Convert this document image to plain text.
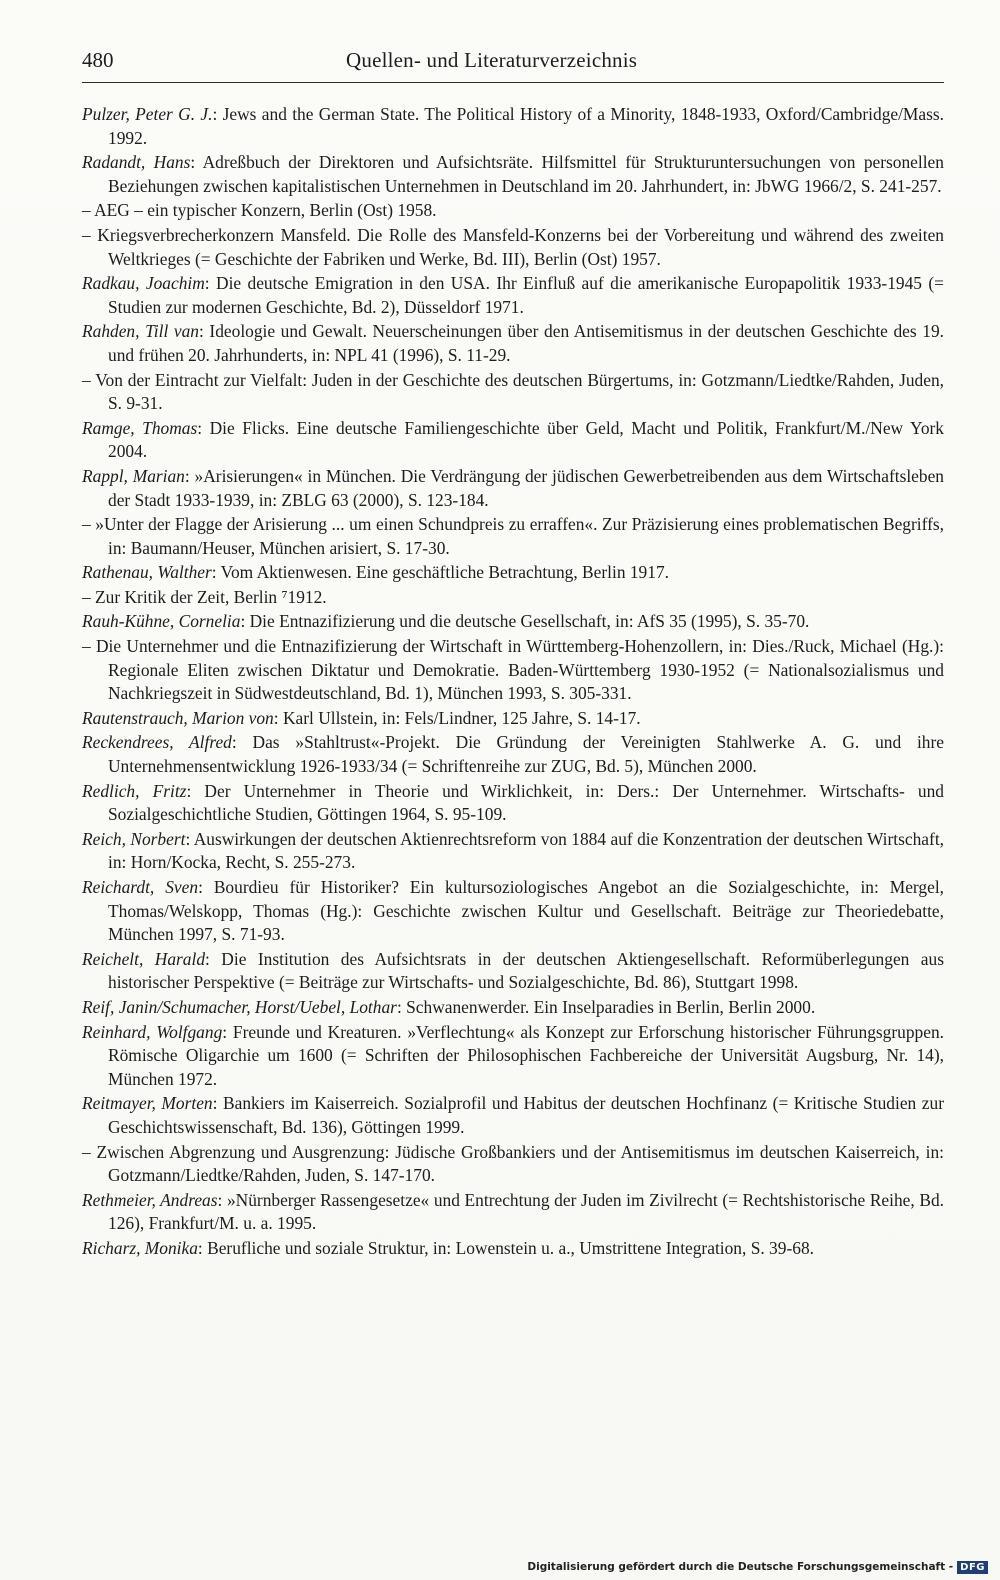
480	Quellen- und Literaturverzeichnis

Pulzer, Peter G. J.: Jews and the German State. The Political History of a Minority, 1848-1933, Oxford/Cambridge/Mass. 1992.

Radandt, Hans: Adreßbuch der Direktoren und Aufsichtsräte. Hilfsmittel für Strukturuntersuchungen von personellen Beziehungen zwischen kapitalistischen Unternehmen in Deutschland im 20. Jahrhundert, in: JbWG 1966/2, S. 241-257.

– AEG – ein typischer Konzern, Berlin (Ost) 1958.

– Kriegsverbrecherkonzern Mansfeld. Die Rolle des Mansfeld-Konzerns bei der Vorbereitung und während des zweiten Weltkrieges (= Geschichte der Fabriken und Werke, Bd. III), Berlin (Ost) 1957.

Radkau, Joachim: Die deutsche Emigration in den USA. Ihr Einfluß auf die amerikanische Europapolitik 1933-1945 (= Studien zur modernen Geschichte, Bd. 2), Düsseldorf 1971.

Rahden, Till van: Ideologie und Gewalt. Neuerscheinungen über den Antisemitismus in der deutschen Geschichte des 19. und frühen 20. Jahrhunderts, in: NPL 41 (1996), S. 11-29.

– Von der Eintracht zur Vielfalt: Juden in der Geschichte des deutschen Bürgertums, in: Gotzmann/Liedtke/Rahden, Juden, S. 9-31.

Ramge, Thomas: Die Flicks. Eine deutsche Familiengeschichte über Geld, Macht und Politik, Frankfurt/M./New York 2004.

Rappl, Marian: »Arisierungen« in München. Die Verdrängung der jüdischen Gewerbetreibenden aus dem Wirtschaftsleben der Stadt 1933-1939, in: ZBLG 63 (2000), S. 123-184.

– »Unter der Flagge der Arisierung ... um einen Schundpreis zu erraffen«. Zur Präzisierung eines problematischen Begriffs, in: Baumann/Heuser, München arisiert, S. 17-30.

Rathenau, Walther: Vom Aktienwesen. Eine geschäftliche Betrachtung, Berlin 1917.

– Zur Kritik der Zeit, Berlin ⁷1912.

Rauh-Kühne, Cornelia: Die Entnazifizierung und die deutsche Gesellschaft, in: AfS 35 (1995), S. 35-70.

– Die Unternehmer und die Entnazifizierung der Wirtschaft in Württemberg-Hohenzollern, in: Dies./Ruck, Michael (Hg.): Regionale Eliten zwischen Diktatur und Demokratie. Baden-Württemberg 1930-1952 (= Nationalsozialismus und Nachkriegszeit in Südwestdeutschland, Bd. 1), München 1993, S. 305-331.

Rautenstrauch, Marion von: Karl Ullstein, in: Fels/Lindner, 125 Jahre, S. 14-17.

Reckendrees, Alfred: Das »Stahltrust«-Projekt. Die Gründung der Vereinigten Stahlwerke A. G. und ihre Unternehmensentwicklung 1926-1933/34 (= Schriftenreihe zur ZUG, Bd. 5), München 2000.

Redlich, Fritz: Der Unternehmer in Theorie und Wirklichkeit, in: Ders.: Der Unternehmer. Wirtschafts- und Sozialgeschichtliche Studien, Göttingen 1964, S. 95-109.

Reich, Norbert: Auswirkungen der deutschen Aktienrechtsreform von 1884 auf die Konzentration der deutschen Wirtschaft, in: Horn/Kocka, Recht, S. 255-273.

Reichardt, Sven: Bourdieu für Historiker? Ein kultursoziologisches Angebot an die Sozialgeschichte, in: Mergel, Thomas/Welskopp, Thomas (Hg.): Geschichte zwischen Kultur und Gesellschaft. Beiträge zur Theoriedebatte, München 1997, S. 71-93.

Reichelt, Harald: Die Institution des Aufsichtsrats in der deutschen Aktiengesellschaft. Reformüberlegungen aus historischer Perspektive (= Beiträge zur Wirtschafts- und Sozialgeschichte, Bd. 86), Stuttgart 1998.

Reif, Janin/Schumacher, Horst/Uebel, Lothar: Schwanenwerder. Ein Inselparadies in Berlin, Berlin 2000.

Reinhard, Wolfgang: Freunde und Kreaturen. »Verflechtung« als Konzept zur Erforschung historischer Führungsgruppen. Römische Oligarchie um 1600 (= Schriften der Philosophischen Fachbereiche der Universität Augsburg, Nr. 14), München 1972.

Reitmayer, Morten: Bankiers im Kaiserreich. Sozialprofil und Habitus der deutschen Hochfinanz (= Kritische Studien zur Geschichtswissenschaft, Bd. 136), Göttingen 1999.

– Zwischen Abgrenzung und Ausgrenzung: Jüdische Großbankiers und der Antisemitismus im deutschen Kaiserreich, in: Gotzmann/Liedtke/Rahden, Juden, S. 147-170.

Rethmeier, Andreas: »Nürnberger Rassengesetze« und Entrechtung der Juden im Zivilrecht (= Rechtshistorische Reihe, Bd. 126), Frankfurt/M. u. a. 1995.

Richarz, Monika: Berufliche und soziale Struktur, in: Lowenstein u. a., Umstrittene Integration, S. 39-68.

Digitalisierung gefördert durch die Deutsche Forschungsgemeinschaft - DFG
